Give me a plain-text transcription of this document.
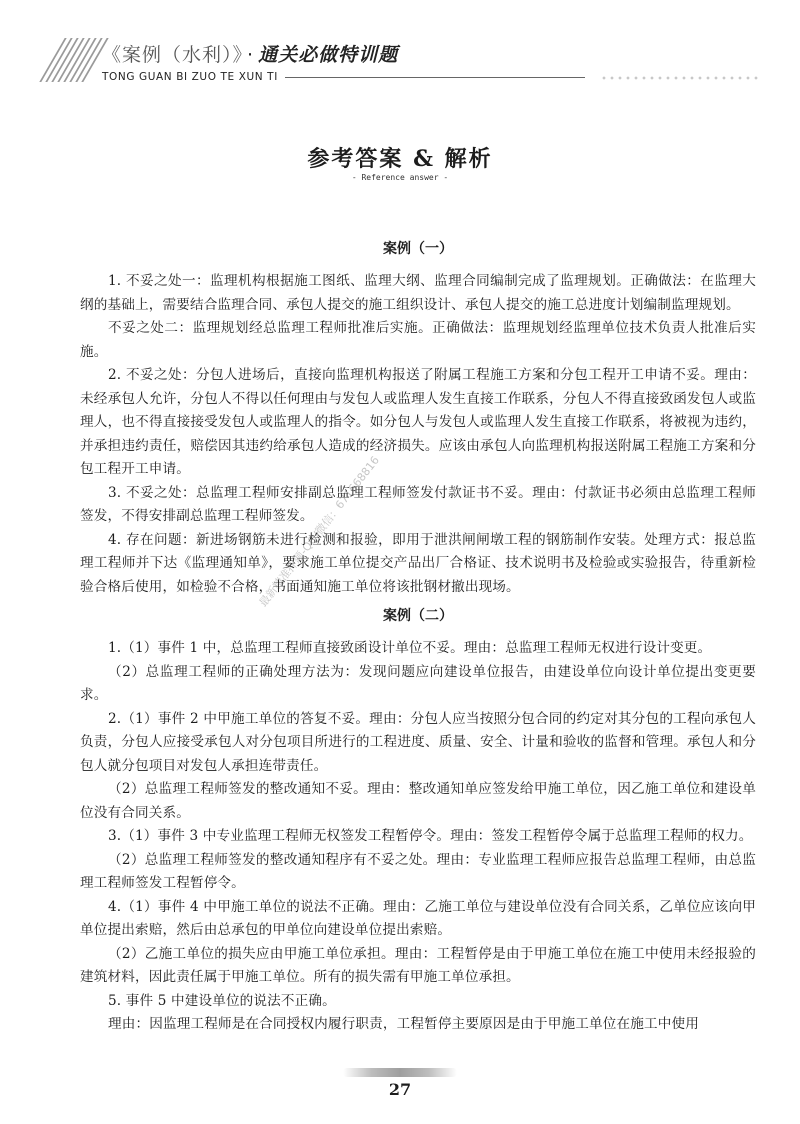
《案例（水利）》 · 通关必做特训题
TONG GUAN BI ZUO TE XUN TI
参考答案 & 解析
- Reference answer -
案例（一）

1. 不妥之处一：监理机构根据施工图纸、监理大纲、监理合同编制完成了监理规划。正确做法：在监理大纲的基础上，需要结合监理合同、承包人提交的施工组织设计、承包人提交的施工总进度计划编制监理规划。

不妥之处二：监理规划经总监理工程师批准后实施。正确做法：监理规划经监理单位技术负责人批准后实施。

2. 不妥之处：分包人进场后，直接向监理机构报送了附属工程施工方案和分包工程开工申请不妥。理由：未经承包人允许，分包人不得以任何理由与发包人或监理人发生直接工作联系，分包人不得直接致函发包人或监理人，也不得直接接受发包人或监理人的指令。如分包人与发包人或监理人发生直接工作联系，将被视为违约，并承担违约责任，赔偿因其违约给承包人造成的经济损失。应该由承包人向监理机构报送附属工程施工方案和分包工程开工申请。

3. 不妥之处：总监理工程师安排副总监理工程师签发付款证书不妥。理由：付款证书必须由总监理工程师签发，不得安排副总监理工程师签发。

4. 存在问题：新进场钢筋未进行检测和报验，即用于泄洪闸闸墩工程的钢筋制作安装。处理方式：报总监理工程师并下达《监理通知单》，要求施工单位提交产品出厂合格证、技术说明书及检验或实验报告，待重新检验合格后使用，如检验不合格，书面通知施工单位将该批钢材撤出现场。

案例（二）

1.（1）事件 1 中，总监理工程师直接致函设计单位不妥。理由：总监理工程师无权进行设计变更。

（2）总监理工程师的正确处理方法为：发现问题应向建设单位报告，由建设单位向设计单位提出变更要求。

2.（1）事件 2 中甲施工单位的答复不妥。理由：分包人应当按照分包合同的约定对其分包的工程向承包人负责，分包人应接受承包人对分包项目所进行的工程进度、质量、安全、计量和验收的监督和管理。承包人和分包人就分包项目对发包人承担连带责任。

（2）总监理工程师签发的整改通知不妥。理由：整改通知单应签发给甲施工单位，因乙施工单位和建设单位没有合同关系。

3.（1）事件 3 中专业监理工程师无权签发工程暂停令。理由：签发工程暂停令属于总监理工程师的权力。

（2）总监理工程师签发的整改通知程序有不妥之处。理由：专业监理工程师应报告总监理工程师，由总监理工程师签发工程暂停令。

4.（1）事件 4 中甲施工单位的说法不正确。理由：乙施工单位与建设单位没有合同关系，乙单位应该向甲单位提出索赔，然后由总承包的甲单位向建设单位提出索赔。

（2）乙施工单位的损失应由甲施工单位承担。理由：工程暂停是由于甲施工单位在施工中使用未经报验的建筑材料，因此责任属于甲施工单位。所有的损失需有甲施工单位承担。

5. 事件 5 中建设单位的说法不正确。

理由：因监理工程师是在合同授权内履行职责，工程暂停主要原因是由于甲施工单位在施工中使用

最新精准押题-QQ/微信：671668816
27
